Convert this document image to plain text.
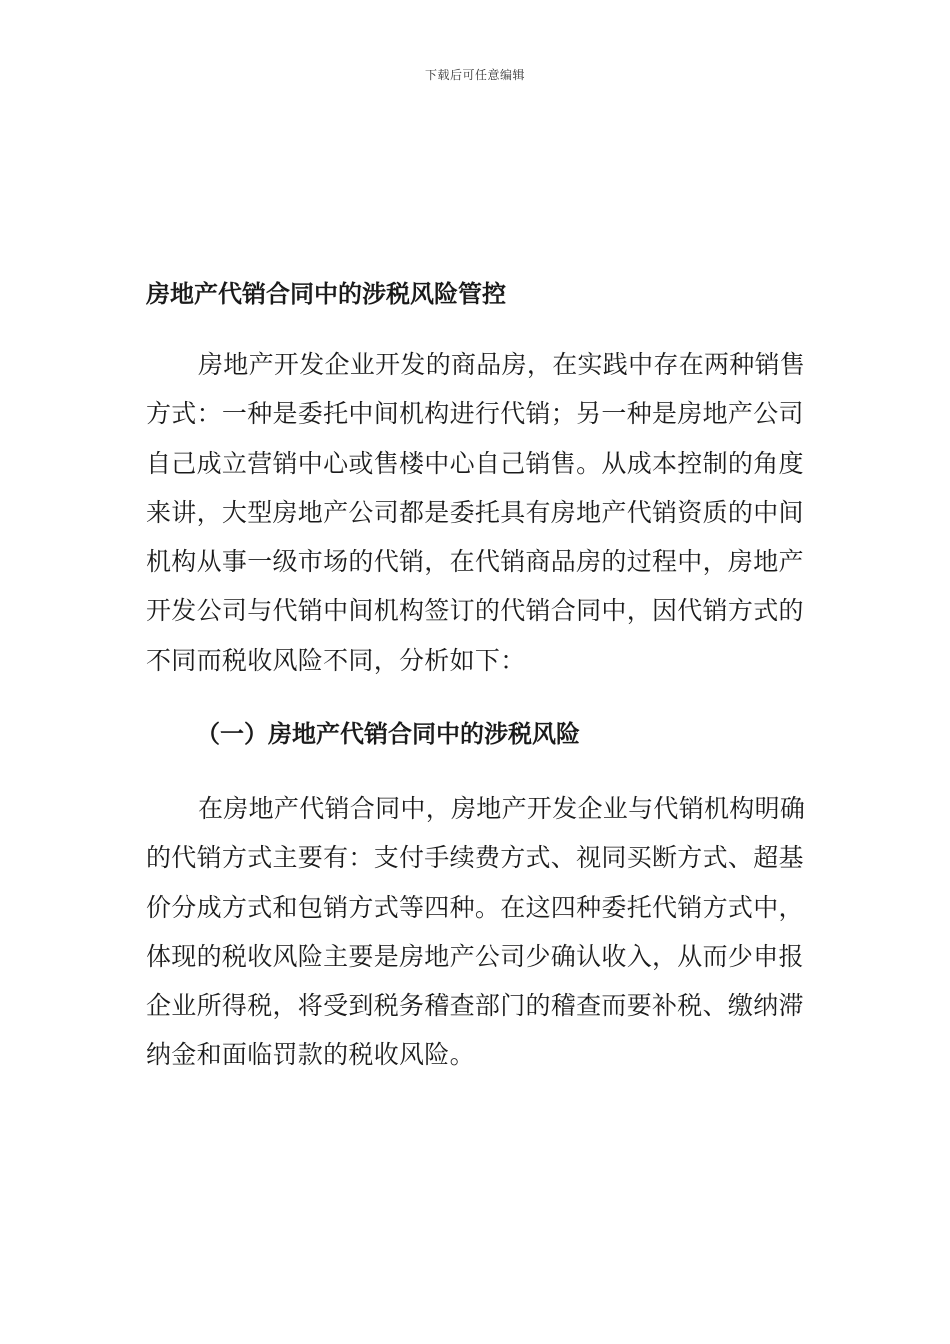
下载后可任意编辑
房地产代销合同中的涉税风险管控

房地产开发企业开发的商品房，在实践中存在两种销售方式：一种是委托中间机构进行代销；另一种是房地产公司自己成立营销中心或售楼中心自己销售。从成本控制的角度来讲，大型房地产公司都是委托具有房地产代销资质的中间机构从事一级市场的代销，在代销商品房的过程中，房地产开发公司与代销中间机构签订的代销合同中，因代销方式的不同而税收风险不同，分析如下：

（一）房地产代销合同中的涉税风险

在房地产代销合同中，房地产开发企业与代销机构明确的代销方式主要有：支付手续费方式、视同买断方式、超基价分成方式和包销方式等四种。在这四种委托代销方式中，体现的税收风险主要是房地产公司少确认收入，从而少申报企业所得税，将受到税务稽查部门的稽查而要补税、缴纳滞纳金和面临罚款的税收风险。
